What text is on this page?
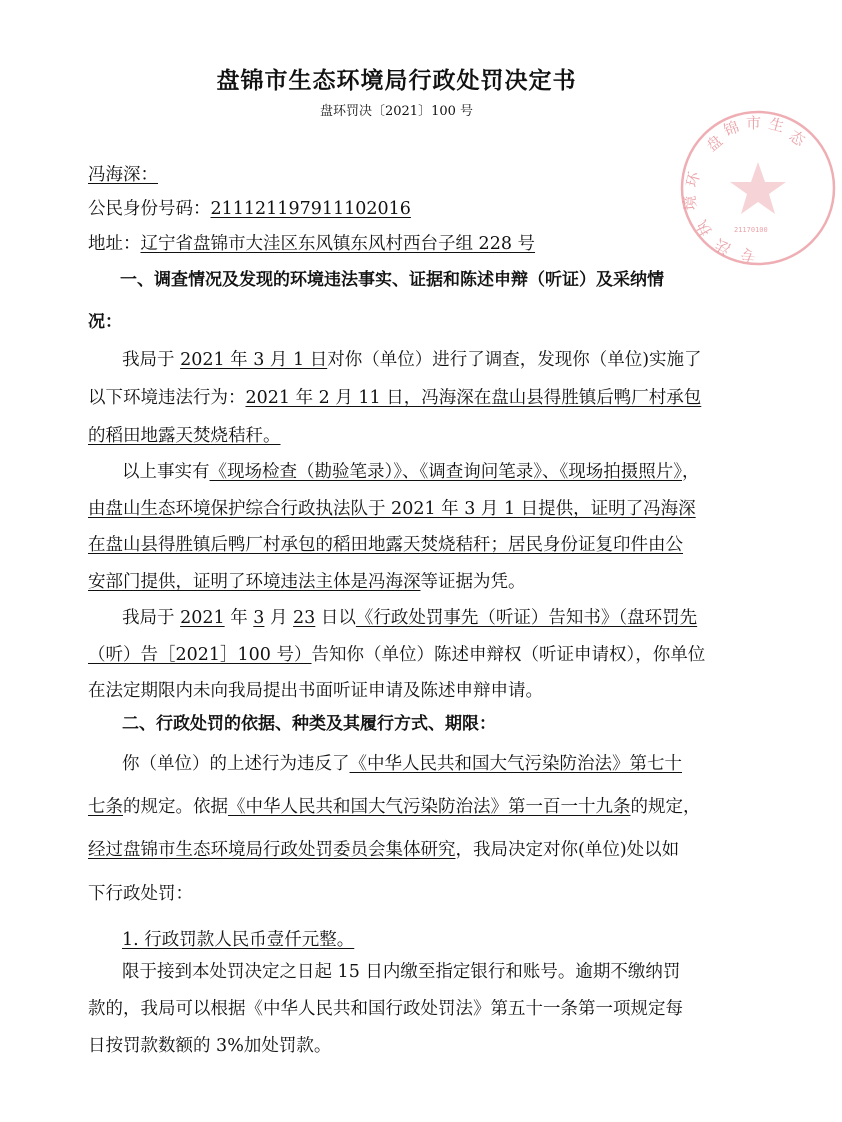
盘锦市生态环境局行政处罚决定书
盘环罚决〔2021〕100 号
盘
锦 市 生
态
环
境
执
法 专
21170100
冯海深：
公民身份号码：211121197911102016
地址：辽宁省盘锦市大洼区东风镇东风村西台子组 228 号
一、调查情况及发现的环境违法事实、证据和陈述申辩（听证）及采纳情
况：
我局于 2021 年 3 月 1 日对你（单位）进行了调查，发现你（单位)实施了
以下环境违法行为：2021 年 2 月 11 日，冯海深在盘山县得胜镇后鸭厂村承包
的稻田地露天焚烧秸秆。
以上事实有《现场检查（勘验笔录）》、《调查询问笔录》、《现场拍摄照片》，
由盘山生态环境保护综合行政执法队于 2021 年 3 月 1 日提供，证明了冯海深
在盘山县得胜镇后鸭厂村承包的稻田地露天焚烧秸秆；居民身份证复印件由公
安部门提供，证明了环境违法主体是冯海深等证据为凭。
我局于 2021 年 3 月 23 日以《行政处罚事先（听证）告知书》（盘环罚先
（听）告［2021］100 号）告知你（单位）陈述申辩权（听证申请权），你单位
在法定期限内未向我局提出书面听证申请及陈述申辩申请。
二、行政处罚的依据、种类及其履行方式、期限：
你（单位）的上述行为违反了《中华人民共和国大气污染防治法》第七十
七条的规定。依据《中华人民共和国大气污染防治法》第一百一十九条的规定，
经过盘锦市生态环境局行政处罚委员会集体研究，我局决定对你(单位)处以如
下行政处罚：
1. 行政罚款人民币壹仟元整。
限于接到本处罚决定之日起 15 日内缴至指定银行和账号。逾期不缴纳罚
款的，我局可以根据《中华人民共和国行政处罚法》第五十一条第一项规定每
日按罚款数额的 3%加处罚款。
